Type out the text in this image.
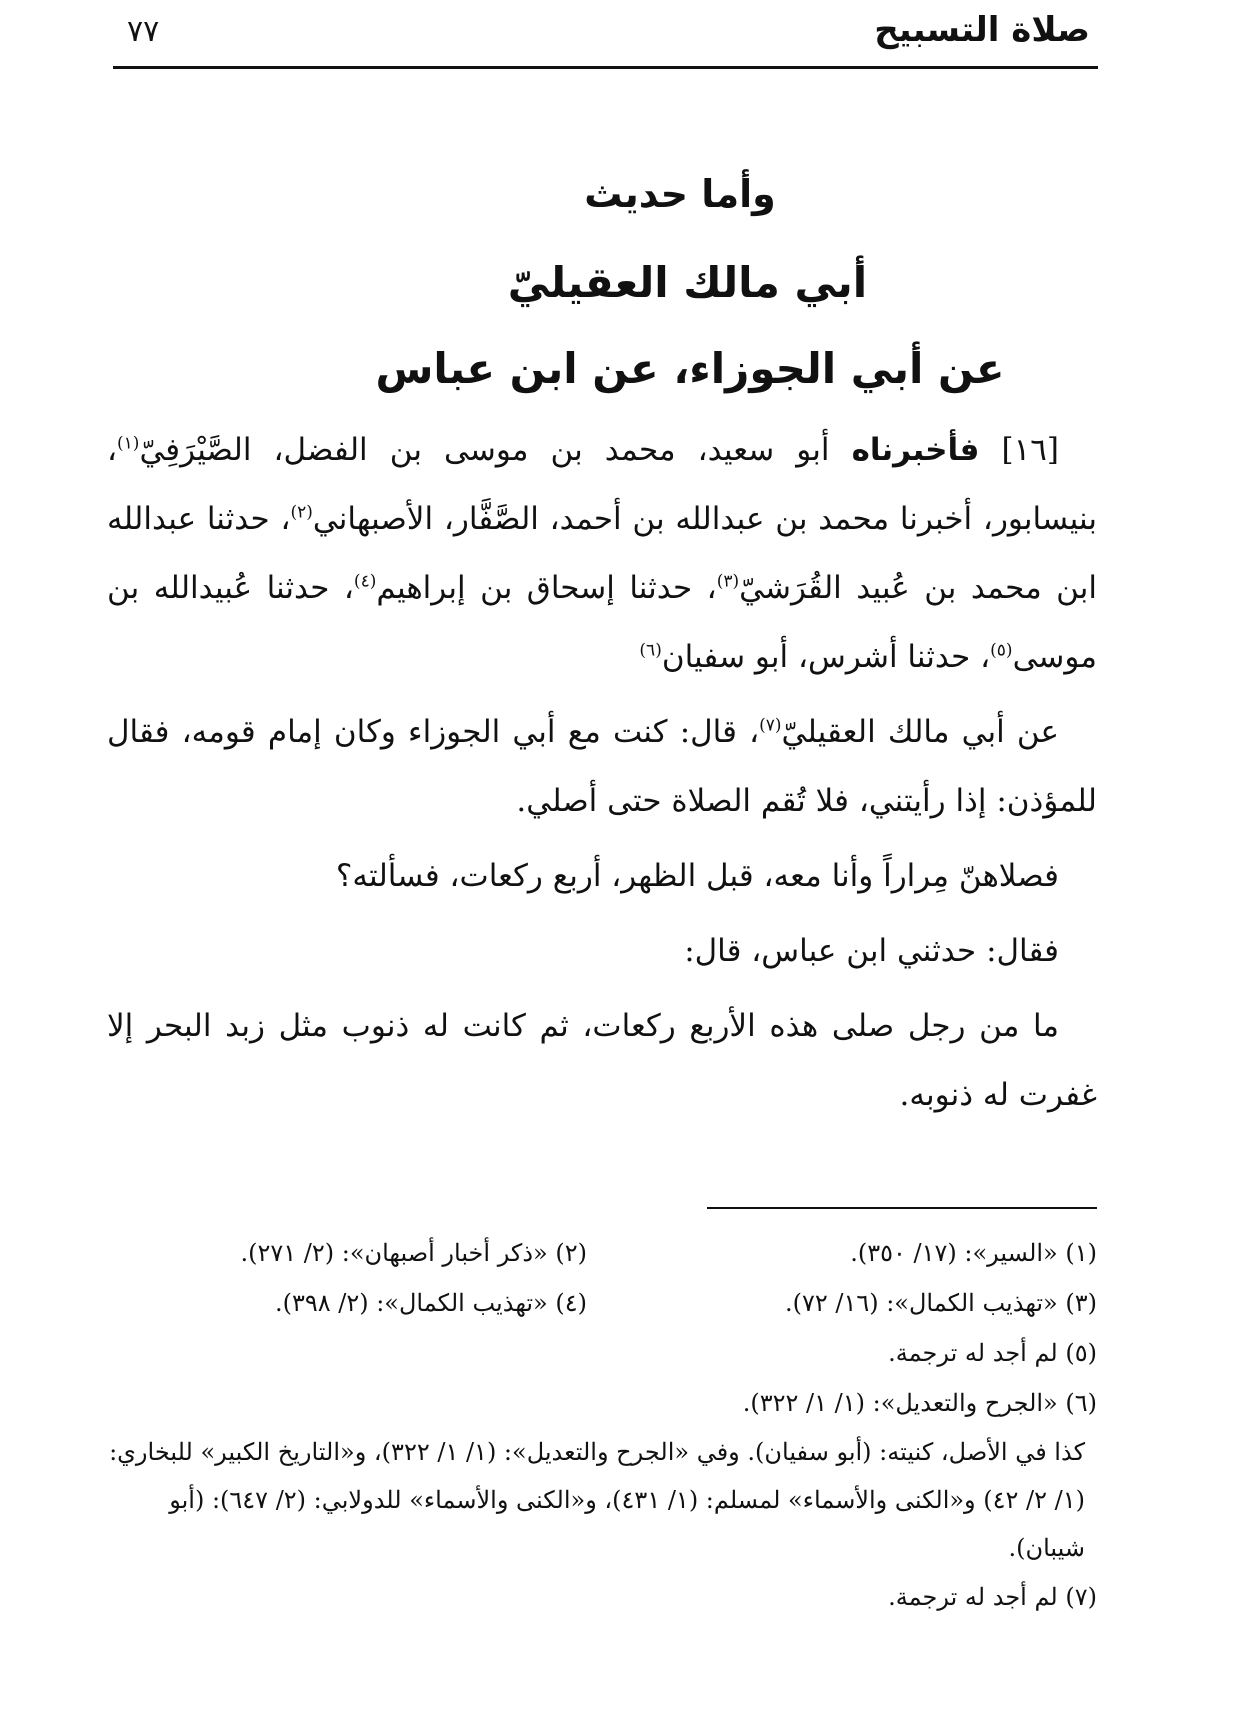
صلاة التسبيح
٧٧
وأما حديث
أبي مالك العقيليّ
عن أبي الجوزاء، عن ابن عباس

[١٦] فأخبرناه أبو سعيد، محمد بن موسى بن الفضل، الصَّيْرَفِيّ$^{(١)}$، بنيسابور، أخبرنا محمد بن عبدالله بن أحمد، الصَّفَّار، الأصبهاني$^{(٢)}$، حدثنا عبدالله ابن محمد بن عُبيد القُرَشيّ$^{(٣)}$، حدثنا إسحاق بن إبراهيم$^{(٤)}$، حدثنا عُبيدالله بن موسى$^{(٥)}$، حدثنا أشرس، أبو سفيان$^{(٦)}$

عن أبي مالك العقيليّ$^{(٧)}$، قال: كنت مع أبي الجوزاء وكان إمام قومه، فقال للمؤذن: إذا رأيتني، فلا تُقم الصلاة حتى أصلي.

فصلاهنّ مِراراً وأنا معه، قبل الظهر، أربع ركعات، فسألته؟

فقال: حدثني ابن عباس، قال:

ما من رجل صلى هذه الأربع ركعات، ثم كانت له ذنوب مثل زبد البحر إلا غفرت له ذنوبه.

(١) «السير»: (١٧/ ٣٥٠).
(٢) «ذكر أخبار أصبهان»: (٢/ ٢٧١).
(٣) «تهذيب الكمال»: (١٦/ ٧٢).
(٤) «تهذيب الكمال»: (٢/ ٣٩٨).
(٥) لم أجد له ترجمة.
(٦) «الجرح والتعديل»: (١/ ١/ ٣٢٢).
كذا في الأصل، كنيته: (أبو سفيان). وفي «الجرح والتعديل»: (١/ ١/ ٣٢٢)، و«التاريخ الكبير» للبخاري: (١/ ٢/ ٤٢) و«الكنى والأسماء» لمسلم: (١/ ٤٣١)، و«الكنى والأسماء» للدولابي: (٢/ ٦٤٧): (أبو شيبان).
(٧) لم أجد له ترجمة.
